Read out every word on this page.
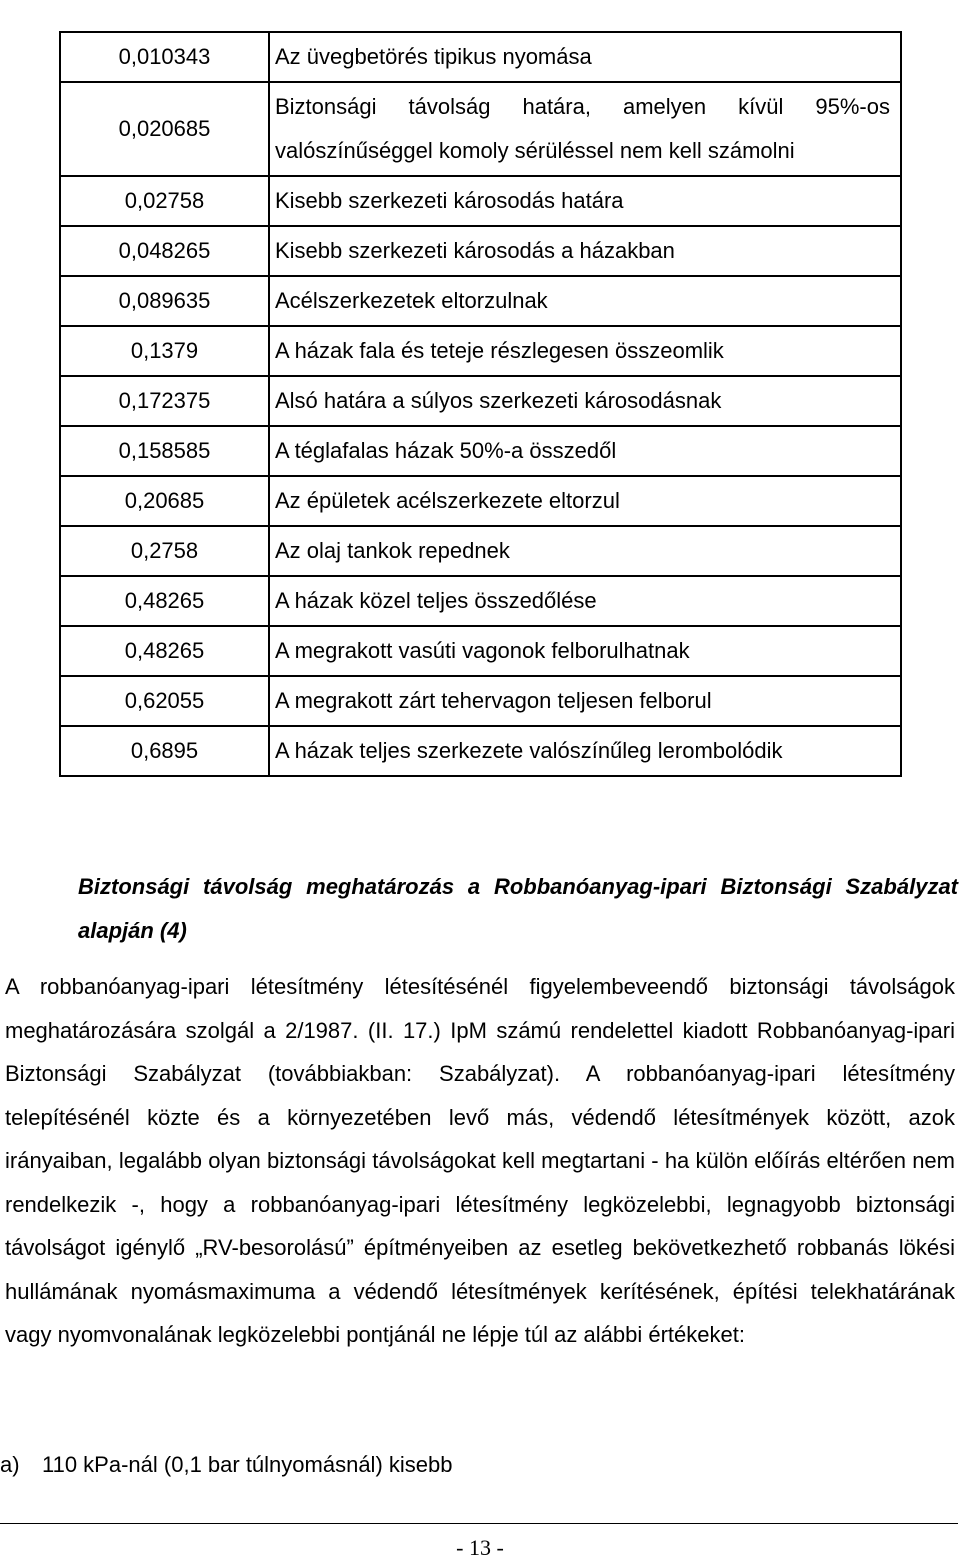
0,010343	Az üvegbetörés tipikus nyomása
0,020685	Biztonsági távolság határa, amelyen kívül 95%-os valószínűséggel komoly sérüléssel nem kell számolni
0,02758	Kisebb szerkezeti károsodás határa
0,048265	Kisebb szerkezeti károsodás a házakban
0,089635	Acélszerkezetek eltorzulnak
0,1379	A házak fala és teteje részlegesen összeomlik
0,172375	Alsó határa a súlyos szerkezeti károsodásnak
0,158585	A téglafalas házak 50%-a összedől
0,20685	Az épületek acélszerkezete eltorzul
0,2758	Az olaj tankok repednek
0,48265	A házak közel teljes összedőlése
0,48265	A megrakott vasúti vagonok felborulhatnak
0,62055	A megrakott zárt tehervagon teljesen felborul
0,6895	A házak teljes szerkezete valószínűleg lerombolódik
Biztonsági távolság meghatározás a Robbanóanyag-ipari Biztonsági Szabályzat alapján (4)

A robbanóanyag-ipari létesítmény létesítésénél figyelembeveendő biztonsági távolságok meghatározására szolgál a 2/1987. (II. 17.) IpM számú rendelettel kiadott Robbanóanyag-ipari Biztonsági Szabályzat (továbbiakban: Szabályzat). A robbanóanyag-ipari létesítmény telepítésénél közte és a környezetében levő más, védendő létesítmények között, azok irányaiban, legalább olyan biztonsági távolságokat kell megtartani - ha külön előírás eltérően nem rendelkezik -, hogy a robbanóanyag-ipari létesítmény legközelebbi, legnagyobb biztonsági távolságot igénylő „RV-besorolású” építményeiben az esetleg bekövetkezhető robbanás lökési hullámának nyomásmaximuma a védendő létesítmények kerítésének, építési telekhatárának vagy nyomvonalának legközelebbi pontjánál ne lépje túl az alábbi értékeket:

a) 110 kPa-nál (0,1 bar túlnyomásnál) kisebb
- 13 -
